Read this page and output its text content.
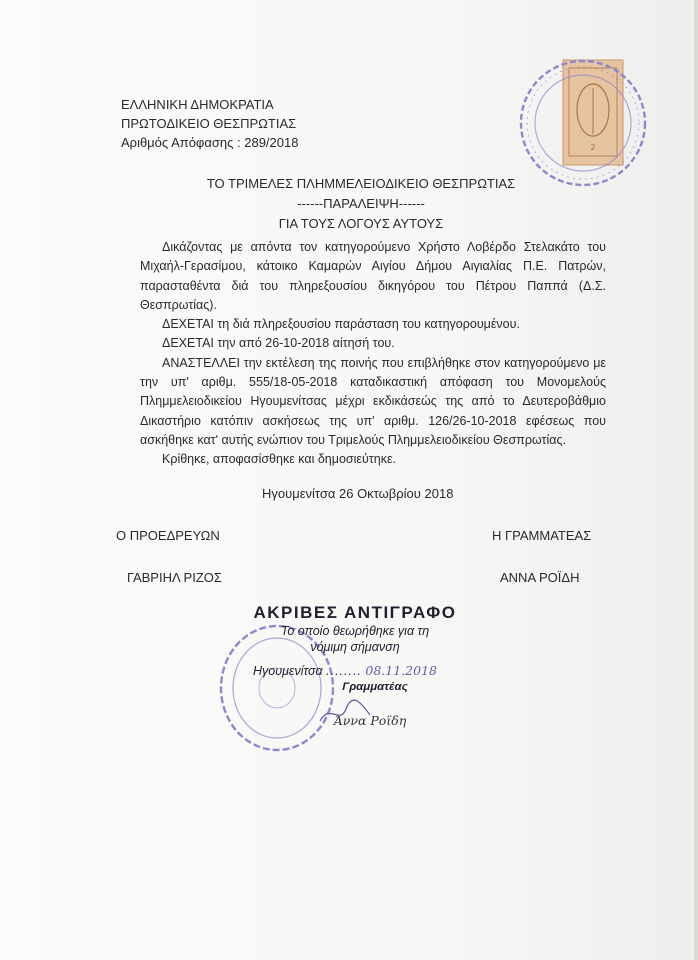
ΕΛΛΗΝΙΚΗ ΔΗΜΟΚΡΑΤΙΑ
ΠΡΩΤΟΔΙΚΕΙΟ ΘΕΣΠΡΩΤΙΑΣ
Αριθμός Απόφασης : 289/2018	2
ΤΟ ΤΡΙΜΕΛΕΣ ΠΛΗΜΜΕΛΕΙΟΔΙΚΕΙΟ ΘΕΣΠΡΩΤΙΑΣ
------ΠΑΡΑΛΕΙΨΗ------
ΓΙΑ ΤΟΥΣ ΛΟΓΟΥΣ ΑΥΤΟΥΣ

Δικάζοντας με απόντα τον κατηγορούμενο Χρήστο Λοβέρδο Στελακάτο του Μιχαήλ-Γερασίμου, κάτοικο Καμαρών Αιγίου Δήμου Αιγιαλίας Π.Ε. Πατρών, παρασταθέντα διά του πληρεξουσίου δικηγόρου του Πέτρου Παππά (Δ.Σ. Θεσπρωτίας).

ΔΕΧΕΤΑΙ τη διά πληρεξουσίου παράσταση του κατηγορουμένου.

ΔΕΧΕΤΑΙ την από 26-10-2018 αίτησή του.

ΑΝΑΣΤΕΛΛΕΙ την εκτέλεση της ποινής που επιβλήθηκε στον κατηγορούμενο με την υπ' αριθμ. 555/18-05-2018 καταδικαστική απόφαση του Μονομελούς Πλημμελειοδικείου Ηγουμενίτσας μέχρι εκδικάσεώς της από το Δευτεροβάθμιο Δικαστήριο κατόπιν ασκήσεως της υπ' αριθμ. 126/26-10-2018 εφέσεως που ασκήθηκε κατ' αυτής ενώπιον του Τριμελούς Πλημμελειοδικείου Θεσπρωτίας.

Κρίθηκε, αποφασίσθηκε και δημοσιεύτηκε.

Ηγουμενίτσα 26 Οκτωβρίου 2018
Ο ΠΡΟΕΔΡΕΥΩΝ
ΓΑΒΡΙΗΛ ΡΙΖΟΣ
Η ΓΡΑΜΜΑΤΕΑΣ
ΑΝΝΑ ΡΟΪΔΗ
ΑΚΡΙΒΕΣ ΑΝΤΙΓΡΑΦΟ
Το οποίο θεωρήθηκε για τη
νόμιμη σήμανση
Ηγουμενίτσα ........ 08.11.2018
Γραμματέας
Άννα Ροϊδη
